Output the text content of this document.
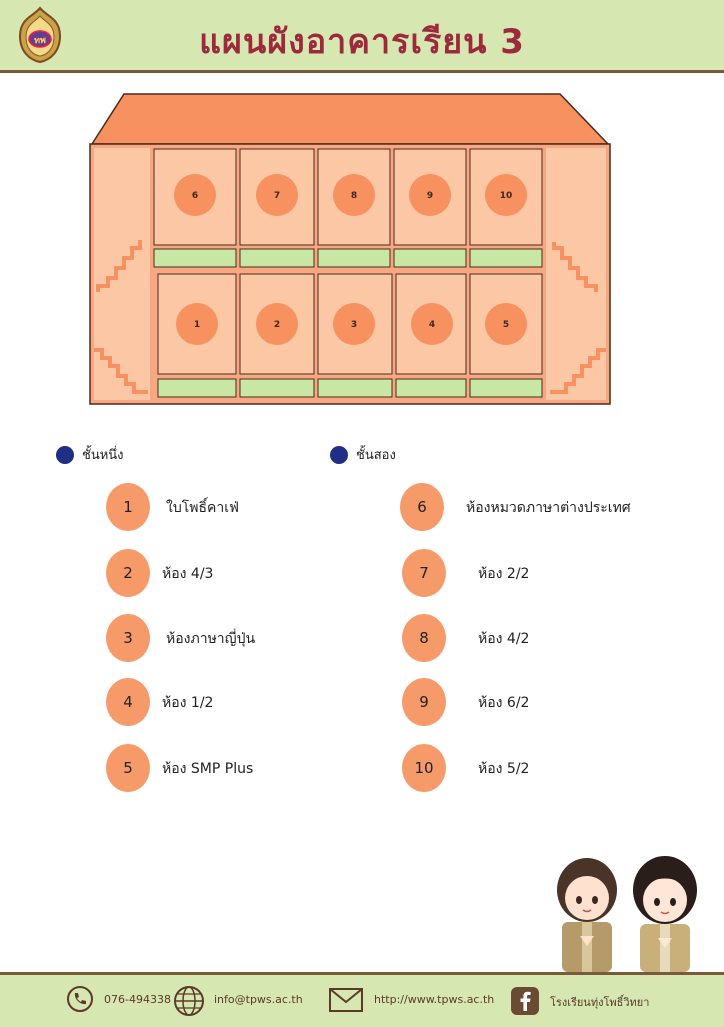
ทพ	แผนผังอาคารเรียน 3
6	7	8	9	10
1	2	3	4	5
ชั้นหนึ่ง	ชั้นสอง
1	ใบโพธิ์คาเฟ่
2	ห้อง 4/3
3	ห้องภาษาญี่ปุ่น
4	ห้อง 1/2
5	ห้อง SMP Plus
6	ห้องหมวดภาษาต่างประเทศ
7	ห้อง 2/2
8	ห้อง 4/2
9	ห้อง 6/2
10	ห้อง 5/2
076-494338	info@tpws.ac.th	http://www.tpws.ac.th	โรงเรียนทุ่งโพธิ์วิทยา
